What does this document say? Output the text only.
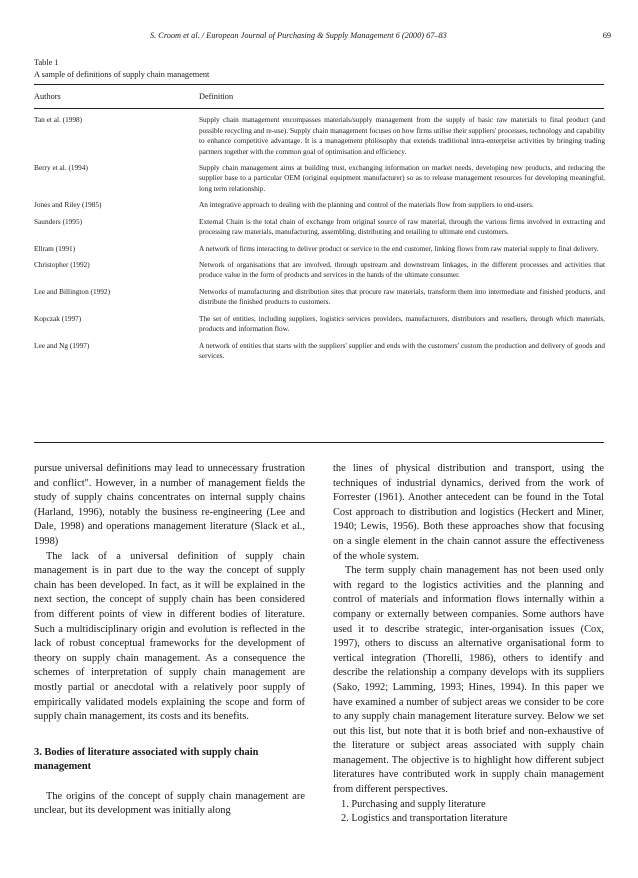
S. Croom et al. / European Journal of Purchasing & Supply Management 6 (2000) 67–83	69
Table 1
A sample of definitions of supply chain management
Authors	Definition
Tan et al. (1998)	Supply chain management encompasses materials/supply management from the supply of basic raw materials to final product (and possible recycling and re-use). Supply chain management focuses on how firms utilise their suppliers' processes, technology and capability to enhance competitive advantage. It is a management philosophy that extends traditional intra-enterprise activities by bringing trading partners together with the common goal of optimisation and efficiency.
Berry et al. (1994)	Supply chain management aims at building trust, exchanging information on market needs, developing new products, and reducing the supplier base to a particular OEM (original equipment manufacturer) so as to release management resources for developing meaningful, long term relationship.
Jones and Riley (1985)	An integrative approach to dealing with the planning and control of the materials flow from suppliers to end-users.
Saunders (1995)	External Chain is the total chain of exchange from original source of raw material, through the various firms involved in extracting and processing raw materials, manufacturing, assembling, distributing and retailing to ultimate end customers.
Ellram (1991)	A network of firms interacting to deliver product or service to the end customer, linking flows from raw material supply to final delivery.
Christopher (1992)	Network of organisations that are involved, through upstream and downstream linkages, in the different processes and activities that produce value in the form of products and services in the hands of the ultimate consumer.
Lee and Billington (1992)	Networks of manufacturing and distribution sites that procure raw materials, transform them into intermediate and finished products, and distribute the finished products to customers.
Kopczak (1997)	The set of entities, including suppliers, logistics services providers, manufacturers, distributors and resellers, through which materials, products and information flow.
Lee and Ng (1997)	A network of entities that starts with the suppliers' supplier and ends with the customers' custom the production and delivery of goods and services.

pursue universal definitions may lead to unnecessary frustration and conflict". However, in a number of management fields the study of supply chains concentrates on internal supply chains (Harland, 1996), notably the business re-engineering (Lee and Dale, 1998) and operations management literature (Slack et al., 1998)

The lack of a universal definition of supply chain management is in part due to the way the concept of supply chain has been developed. In fact, as it will be explained in the next section, the concept of supply chain has been considered from different points of view in different bodies of literature. Such a multidisciplinary origin and evolution is reflected in the lack of robust conceptual frameworks for the development of theory on supply chain management. As a consequence the schemes of interpretation of supply chain management are mostly partial or anecdotal with a relatively poor supply of empirically validated models explaining the scope and form of supply chain management, its costs and its benefits.

3. Bodies of literature associated with supply chain management

The origins of the concept of supply chain management are unclear, but its development was initially along

the lines of physical distribution and transport, using the techniques of industrial dynamics, derived from the work of Forrester (1961). Another antecedent can be found in the Total Cost approach to distribution and logistics (Heckert and Miner, 1940; Lewis, 1956). Both these approaches show that focusing on a single element in the chain cannot assure the effectiveness of the whole system.

The term supply chain management has not been used only with regard to the logistics activities and the planning and control of materials and information flows internally within a company or externally between companies. Some authors have used it to describe strategic, inter-organisation issues (Cox, 1997), others to discuss an alternative organisational form to vertical integration (Thorelli, 1986), others to identify and describe the relationship a company develops with its suppliers (Sako, 1992; Lamming, 1993; Hines, 1994). In this paper we have examined a number of subject areas we consider to be core to any supply chain management literature survey. Below we set out this list, but note that it is both brief and non-exhaustive of the literature or subject areas associated with supply chain management. The objective is to highlight how different subject literatures have contributed work in supply chain management from different perspectives.

1. Purchasing and supply literature
2. Logistics and transportation literature
